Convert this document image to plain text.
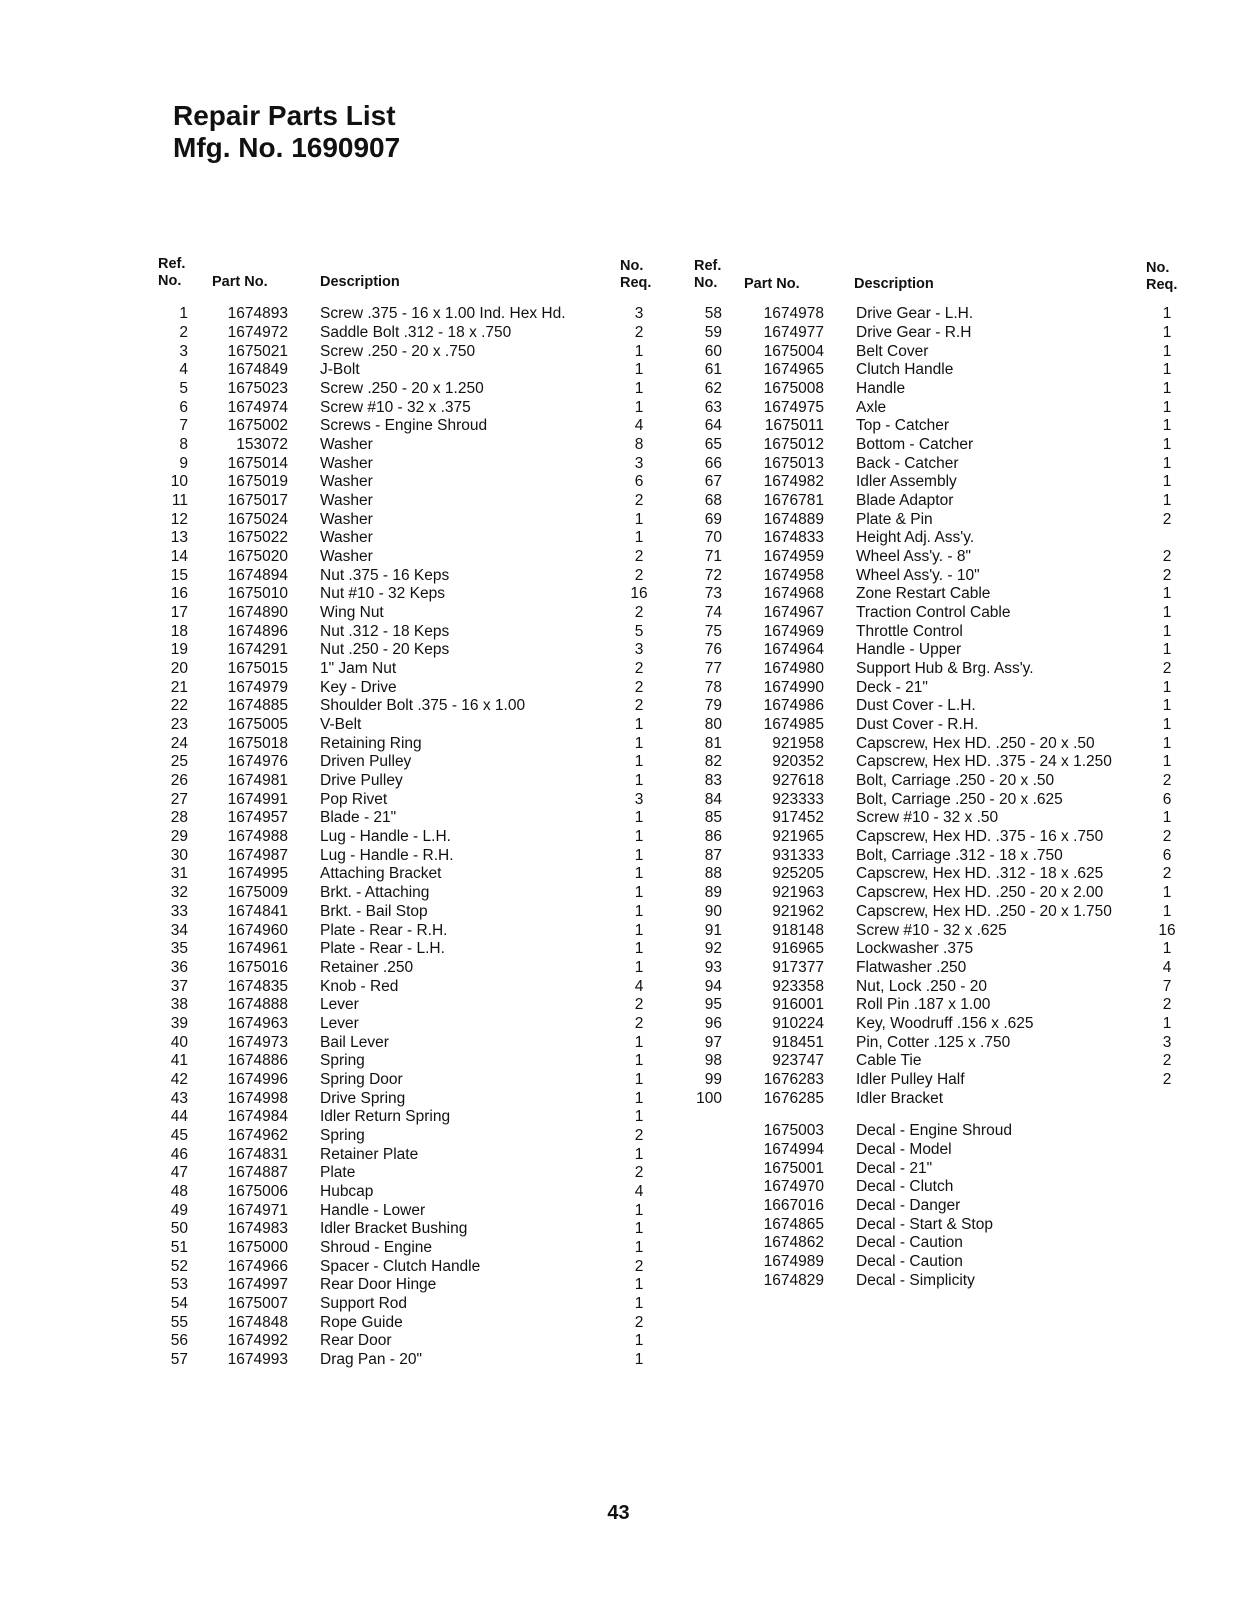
Repair Parts List
Mfg. No. 1690907
Ref.
No. Part No.	Description
No.
Req.
Ref.
No. Part No.	Description
No.
Req.
1	1674893	Screw .375 - 16 x 1.00 Ind. Hex Hd.	3
2	1674972	Saddle Bolt .312 - 18 x .750	2
3	1675021	Screw .250 - 20 x .750	1
4	1674849	J-Bolt	1
5	1675023	Screw .250 - 20 x 1.250	1
6	1674974	Screw #10 - 32 x .375	1
7	1675002	Screws - Engine Shroud	4
8	153072	Washer	8
9	1675014	Washer	3
10	1675019	Washer	6
11	1675017	Washer	2
12	1675024	Washer	1
13	1675022	Washer	1
14	1675020	Washer	2
15	1674894	Nut .375 - 16 Keps	2
16	1675010	Nut #10 - 32 Keps	16
17	1674890	Wing Nut	2
18	1674896	Nut .312 - 18 Keps	5
19	1674291	Nut .250 - 20 Keps	3
20	1675015	1" Jam Nut	2
21	1674979	Key - Drive	2
22	1674885	Shoulder Bolt .375 - 16 x 1.00	2
23	1675005	V-Belt	1
24	1675018	Retaining Ring	1
25	1674976	Driven Pulley	1
26	1674981	Drive Pulley	1
27	1674991	Pop Rivet	3
28	1674957	Blade - 21"	1
29	1674988	Lug - Handle - L.H.	1
30	1674987	Lug - Handle - R.H.	1
31	1674995	Attaching Bracket	1
32	1675009	Brkt. - Attaching	1
33	1674841	Brkt. - Bail Stop	1
34	1674960	Plate - Rear - R.H.	1
35	1674961	Plate - Rear - L.H.	1
36	1675016	Retainer .250	1
37	1674835	Knob - Red	4
38	1674888	Lever	2
39	1674963	Lever	2
40	1674973	Bail Lever	1
41	1674886	Spring	1
42	1674996	Spring Door	1
43	1674998	Drive Spring	1
44	1674984	Idler Return Spring	1
45	1674962	Spring	2
46	1674831	Retainer Plate	1
47	1674887	Plate	2
48	1675006	Hubcap	4
49	1674971	Handle - Lower	1
50	1674983	Idler Bracket Bushing	1
51	1675000	Shroud - Engine	1
52	1674966	Spacer - Clutch Handle	2
53	1674997	Rear Door Hinge	1
54	1675007	Support Rod	1
55	1674848	Rope Guide	2
56	1674992	Rear Door	1
57	1674993	Drag Pan - 20"	1
58	1674978	Drive Gear - L.H.	1
59	1674977	Drive Gear - R.H	1
60	1675004	Belt Cover	1
61	1674965	Clutch Handle	1
62	1675008	Handle	1
63	1674975	Axle	1
64	1675011	Top - Catcher	1
65	1675012	Bottom - Catcher	1
66	1675013	Back - Catcher	1
67	1674982	Idler Assembly	1
68	1676781	Blade Adaptor	1
69	1674889	Plate & Pin	2
70	1674833	Height Adj. Ass'y.	
71	1674959	Wheel Ass'y. - 8"	2
72	1674958	Wheel Ass'y. - 10"	2
73	1674968	Zone Restart Cable	1
74	1674967	Traction Control Cable	1
75	1674969	Throttle Control	1
76	1674964	Handle - Upper	1
77	1674980	Support Hub & Brg. Ass'y.	2
78	1674990	Deck - 21"	1
79	1674986	Dust Cover - L.H.	1
80	1674985	Dust Cover - R.H.	1
81	921958	Capscrew, Hex HD. .250 - 20 x .50	1
82	920352	Capscrew, Hex HD. .375 - 24 x 1.250	1
83	927618	Bolt, Carriage .250 - 20 x .50	2
84	923333	Bolt, Carriage .250 - 20 x .625	6
85	917452	Screw #10 - 32 x .50	1
86	921965	Capscrew, Hex HD. .375 - 16 x .750	2
87	931333	Bolt, Carriage .312 - 18 x .750	6
88	925205	Capscrew, Hex HD. .312 - 18 x .625	2
89	921963	Capscrew, Hex HD. .250 - 20 x 2.00	1
90	921962	Capscrew, Hex HD. .250 - 20 x 1.750	1
91	918148	Screw #10 - 32 x .625	16
92	916965	Lockwasher .375	1
93	917377	Flatwasher .250	4
94	923358	Nut, Lock .250 - 20	7
95	916001	Roll Pin .187 x 1.00	2
96	910224	Key, Woodruff .156 x .625	1
97	918451	Pin, Cotter .125 x .750	3
98	923747	Cable Tie	2
99	1676283	Idler Pulley Half	2
100	1676285	Idler Bracket	
1675003	Decal - Engine Shroud
1674994	Decal - Model
1675001	Decal - 21"
1674970	Decal - Clutch
1667016	Decal - Danger
1674865	Decal - Start & Stop
1674862	Decal - Caution
1674989	Decal - Caution
1674829	Decal - Simplicity
43
